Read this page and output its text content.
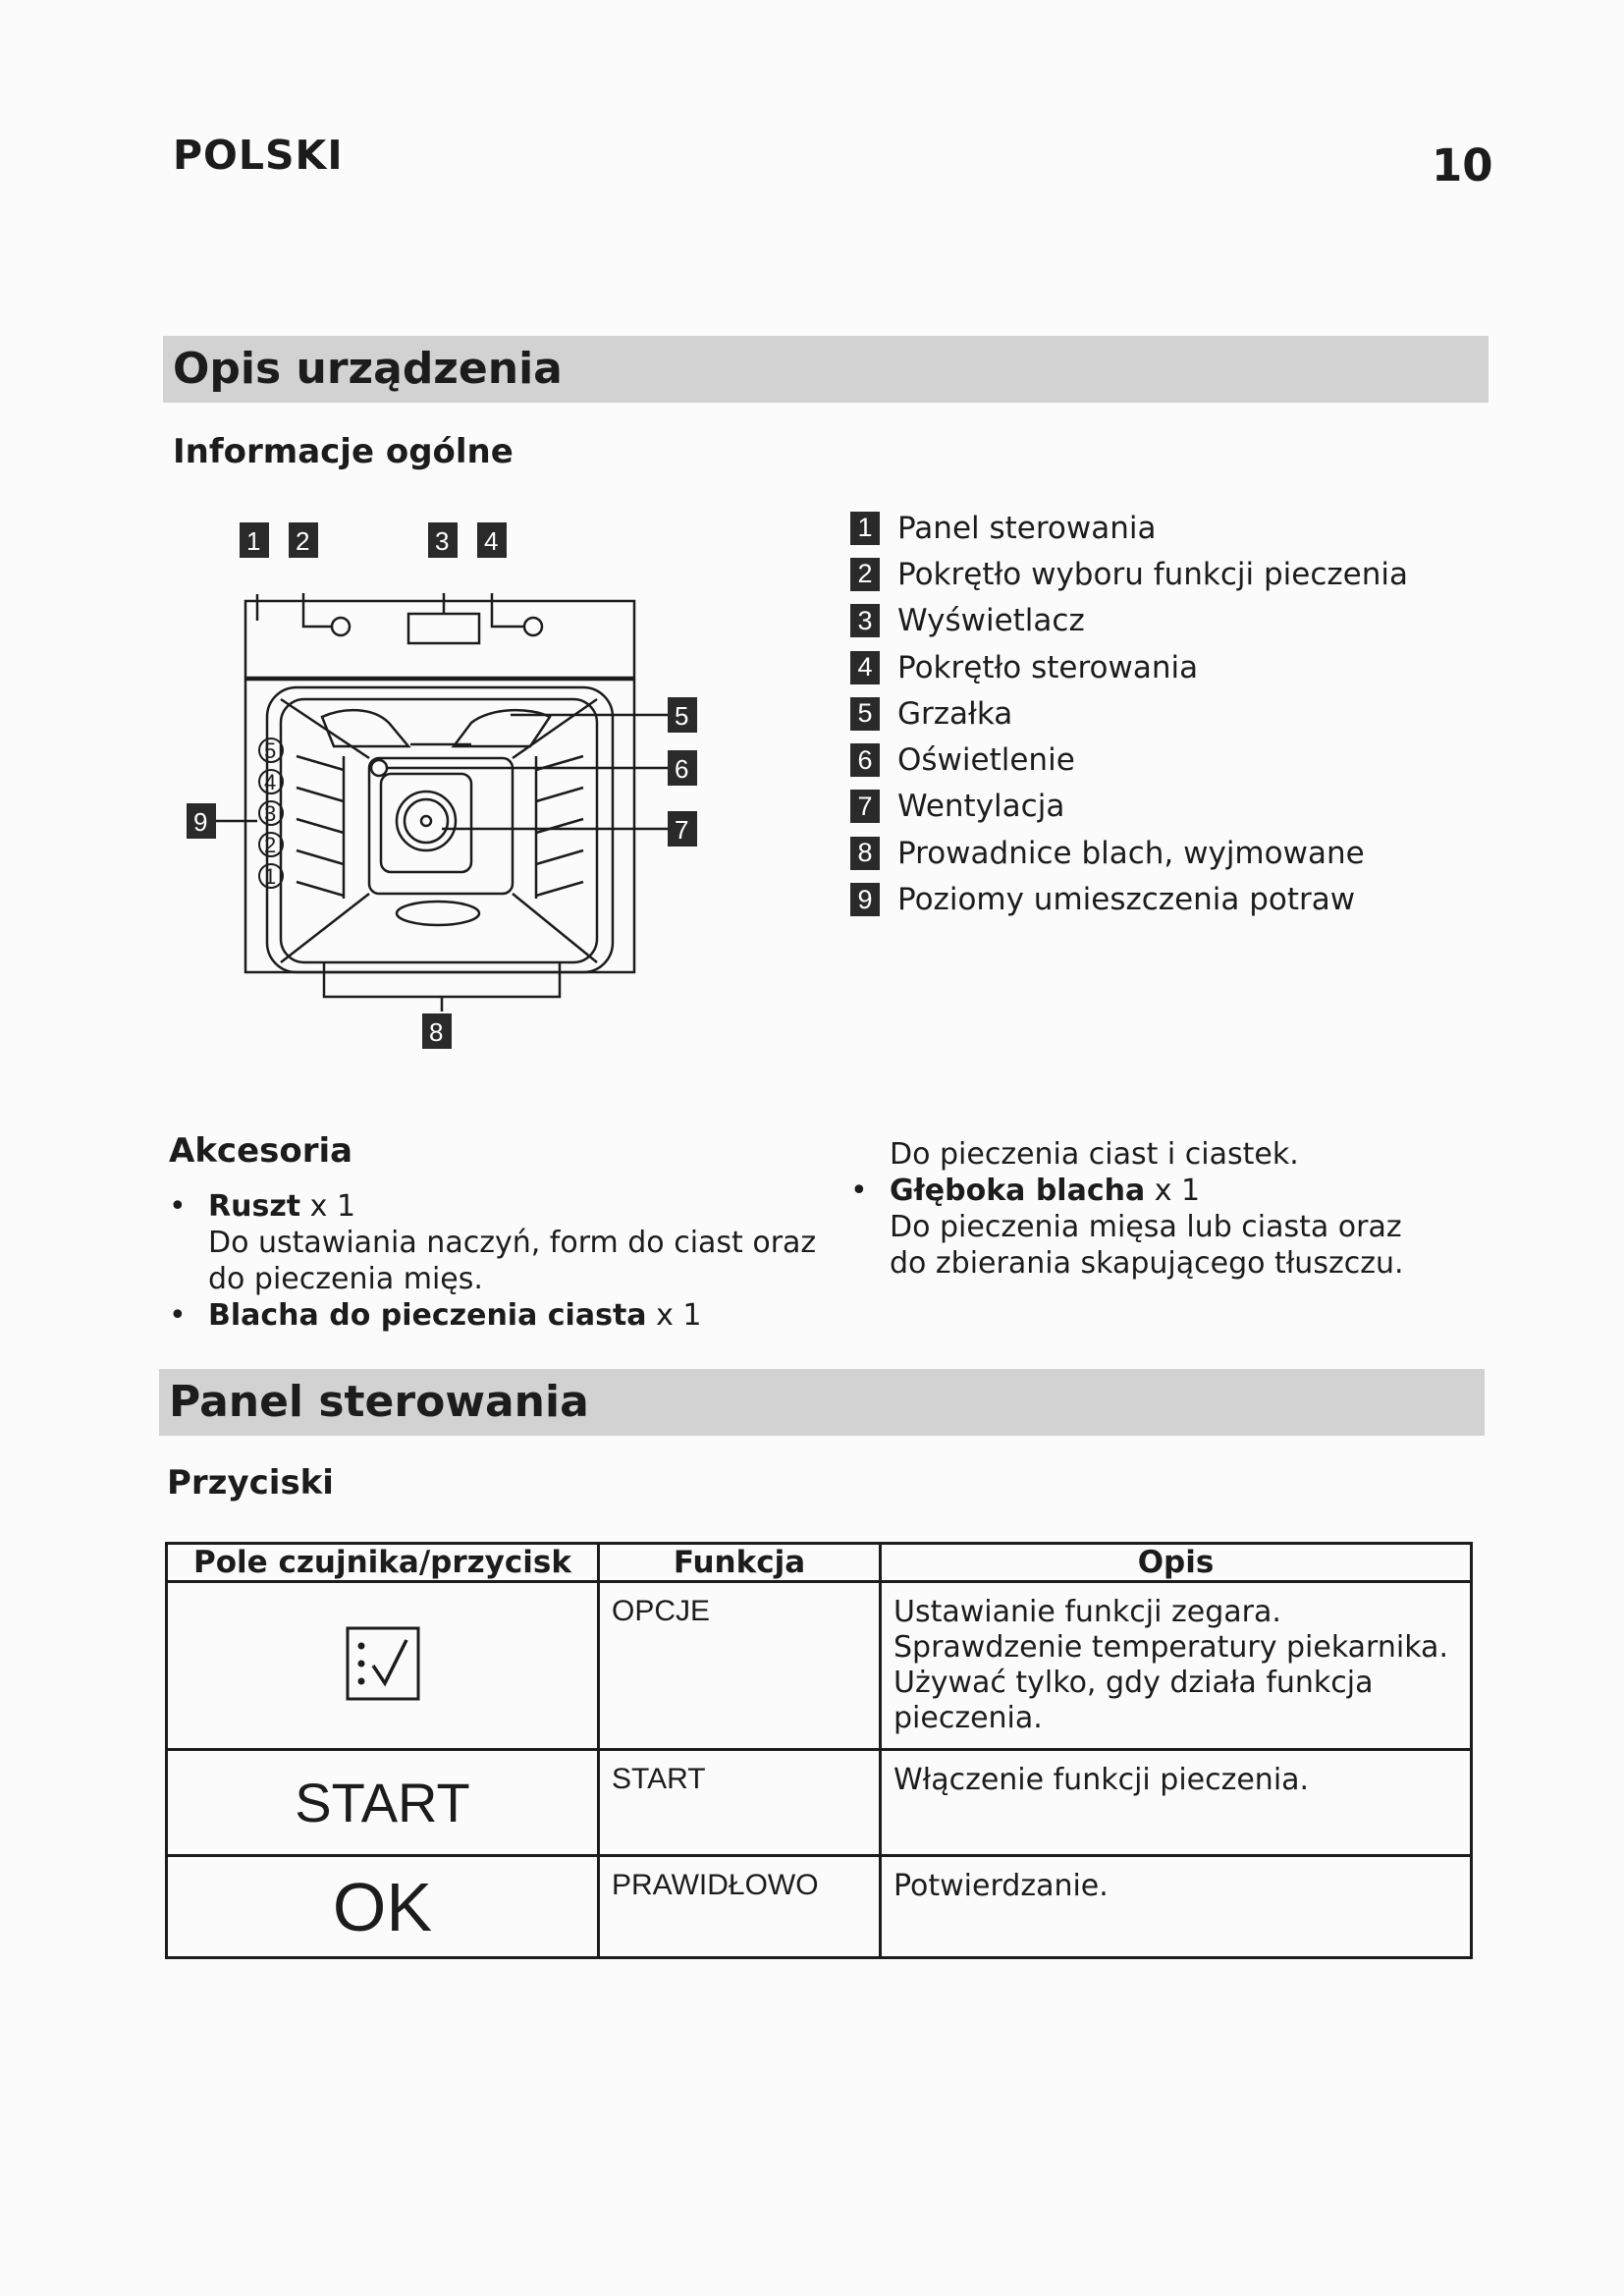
POLSKI	10
Opis urządzenia
Informacje ogólne
5
4
3
2
1
1 2	3 4
5
6
7
8
9
1 Panel sterowania
2 Pokrętło wyboru funkcji pieczenia
3 Wyświetlacz
4 Pokrętło sterowania
5 Grzałka
6 Oświetlenie
7 Wentylacja
8 Prowadnice blach, wyjmowane
9 Poziomy umieszczenia potraw
Akcesoria
• Ruszt x 1
Do ustawiania naczyń, form do ciast oraz do pieczenia mięs.
• Blacha do pieczenia ciasta x 1
Do pieczenia ciast i ciastek.
• Głęboka blacha x 1
Do pieczenia mięsa lub ciasta oraz do zbierania skapującego tłuszczu.
Panel sterowania
Przyciski
Pole czujnika/przycisk	Funkcja	Opis
	OPCJE	Ustawianie funkcji zegara. Sprawdzenie temperatury piekarnika. Używać tylko, gdy działa funkcja pieczenia.
START	START	Włączenie funkcji pieczenia.
OK	PRAWIDŁOWO	Potwierdzanie.
